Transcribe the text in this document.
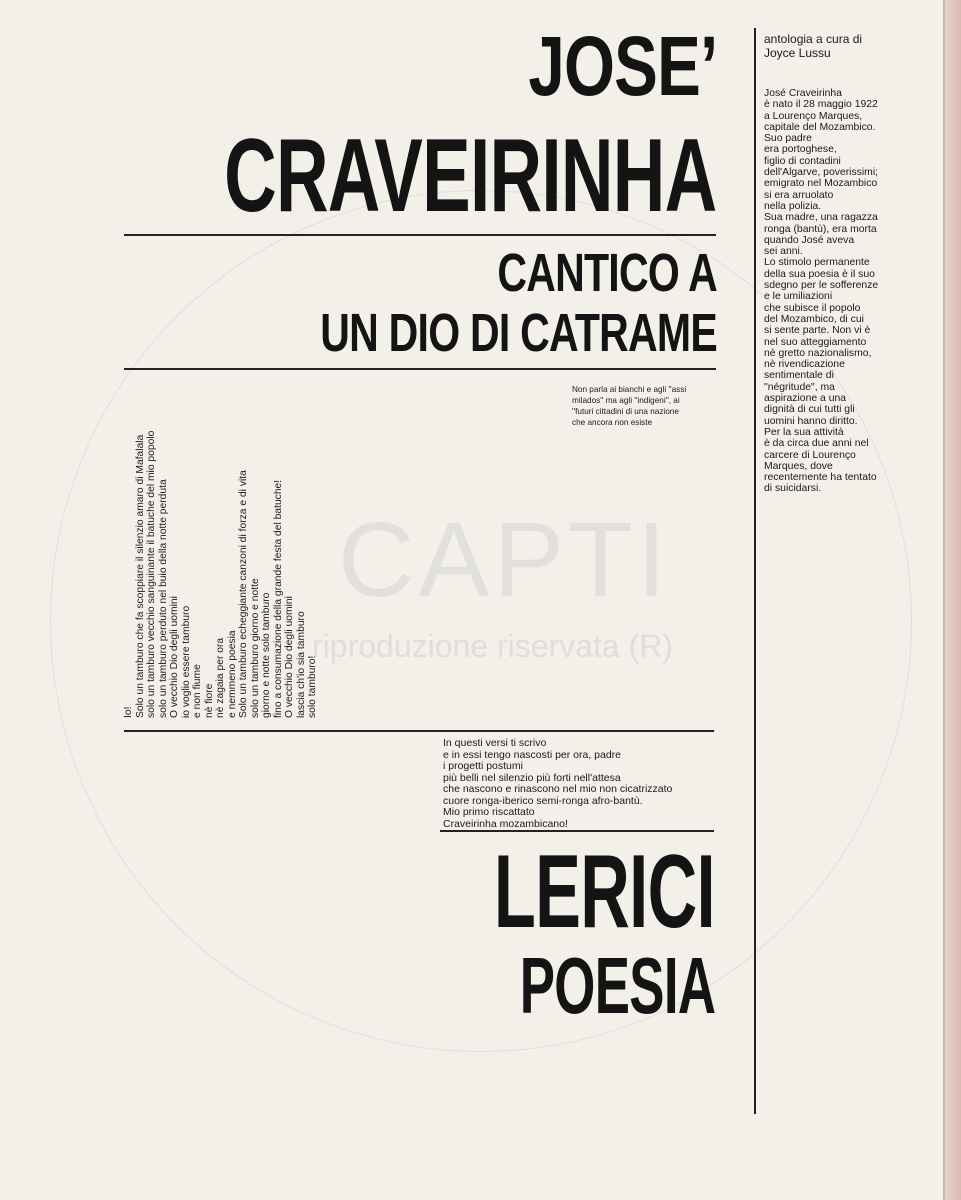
CAPTI

riproduzione riservata (R)

JOSE’
CRAVEIRINHA
CANTICO A
UN DIO DI CATRAME

Non parla ai bianchi e agli ''assi
milados'' ma agli ''indigeni'', ai
''futuri cittadini di una nazione
che ancora non esiste

Io! Solo un tamburo che fa scoppiare il silenzio amaro di Mafalala solo un tamburo vecchio sanguinante il batuche del mio popolo solo un tamburo perduto nel buio della notte perduta O vecchio Dio degli uomini io voglio essere tamburo e non fiume nè fiore nè zagaia per ora e nemmeno poesia Solo un tamburo echeggiante canzoni di forza e di vita solo un tamburo giorno e notte giorno e notte solo tamburo fino a consumazione della grande festa del batuche! O vecchio Dio degli uomini lascia ch'io sia tamburo solo tamburo!
In questi versi ti scrivo
e in essi tengo nascosti per ora, padre
i progetti postumi
più belli nel silenzio più forti nell'attesa
che nascono e rinascono nel mio non cicatrizzato
cuore ronga-iberico semi-ronga afro-bantù.
Mio primo riscattato
Craveirinha mozambicano!
LERICI
POESIA

antologia a cura di
Joyce Lussu

José Craveirinha
è nato il 28 maggio 1922
a Lourenço Marques,
capitale del Mozambico.
Suo padre
era portoghese,
figlio di contadini
dell'Algarve, poverissimi;
emigrato nel Mozambico
si era arruolato
nella polizia.
Sua madre, una ragazza
ronga (bantù), era morta
quando José aveva
sei anni.
Lo stimolo permanente
della sua poesia è il suo
sdegno per le sofferenze
e le umiliazioni
che subisce il popolo
del Mozambico, di cui
si sente parte. Non vi è
nel suo atteggiamento
nè gretto nazionalismo,
nè rivendicazione
sentimentale di
"négritude", ma
aspirazione a una
dignità di cui tutti gli
uomini hanno diritto.
Per la sua attività
è da circa due anni nel
carcere di Lourenço
Marques, dove
recentemente ha tentato
di suicidarsi.
